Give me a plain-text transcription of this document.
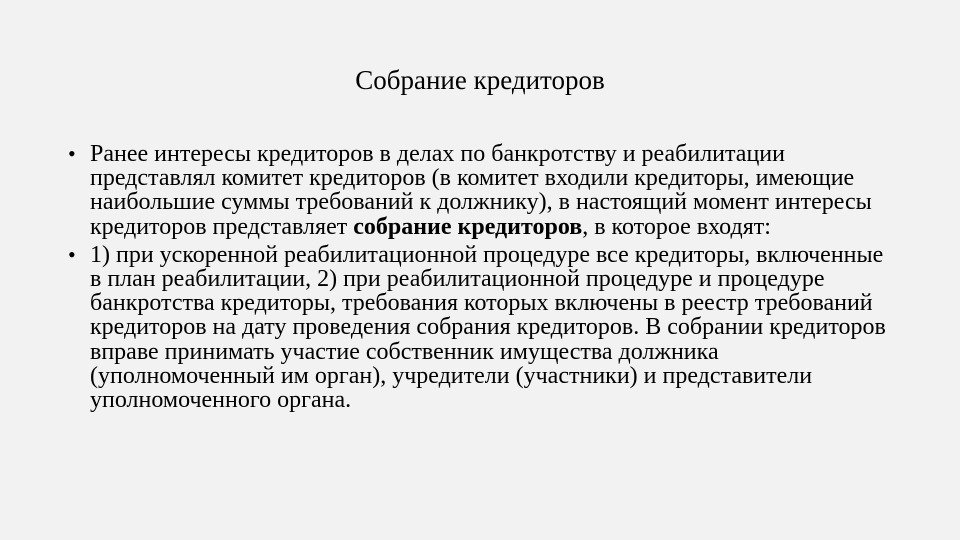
Собрание кредиторов
• Ранее интересы кредиторов в делах по банкротству и реабилитации представлял комитет кредиторов (в комитет входили кредиторы, имеющие наибольшие суммы требований к должнику), в настоящий момент интересы кредиторов представляет собрание кредиторов, в которое входят:
• 1) при ускоренной реабилитационной процедуре все кредиторы, включенные в план реабилитации, 2) при реабилитационной процедуре и процедуре банкротства кредиторы, требования которых включены в реестр требований кредиторов на дату проведения собрания кредиторов. В собрании кредиторов вправе принимать участие собственник имущества должника (уполномоченный им орган), учредители (участники) и представители уполномоченного органа.
